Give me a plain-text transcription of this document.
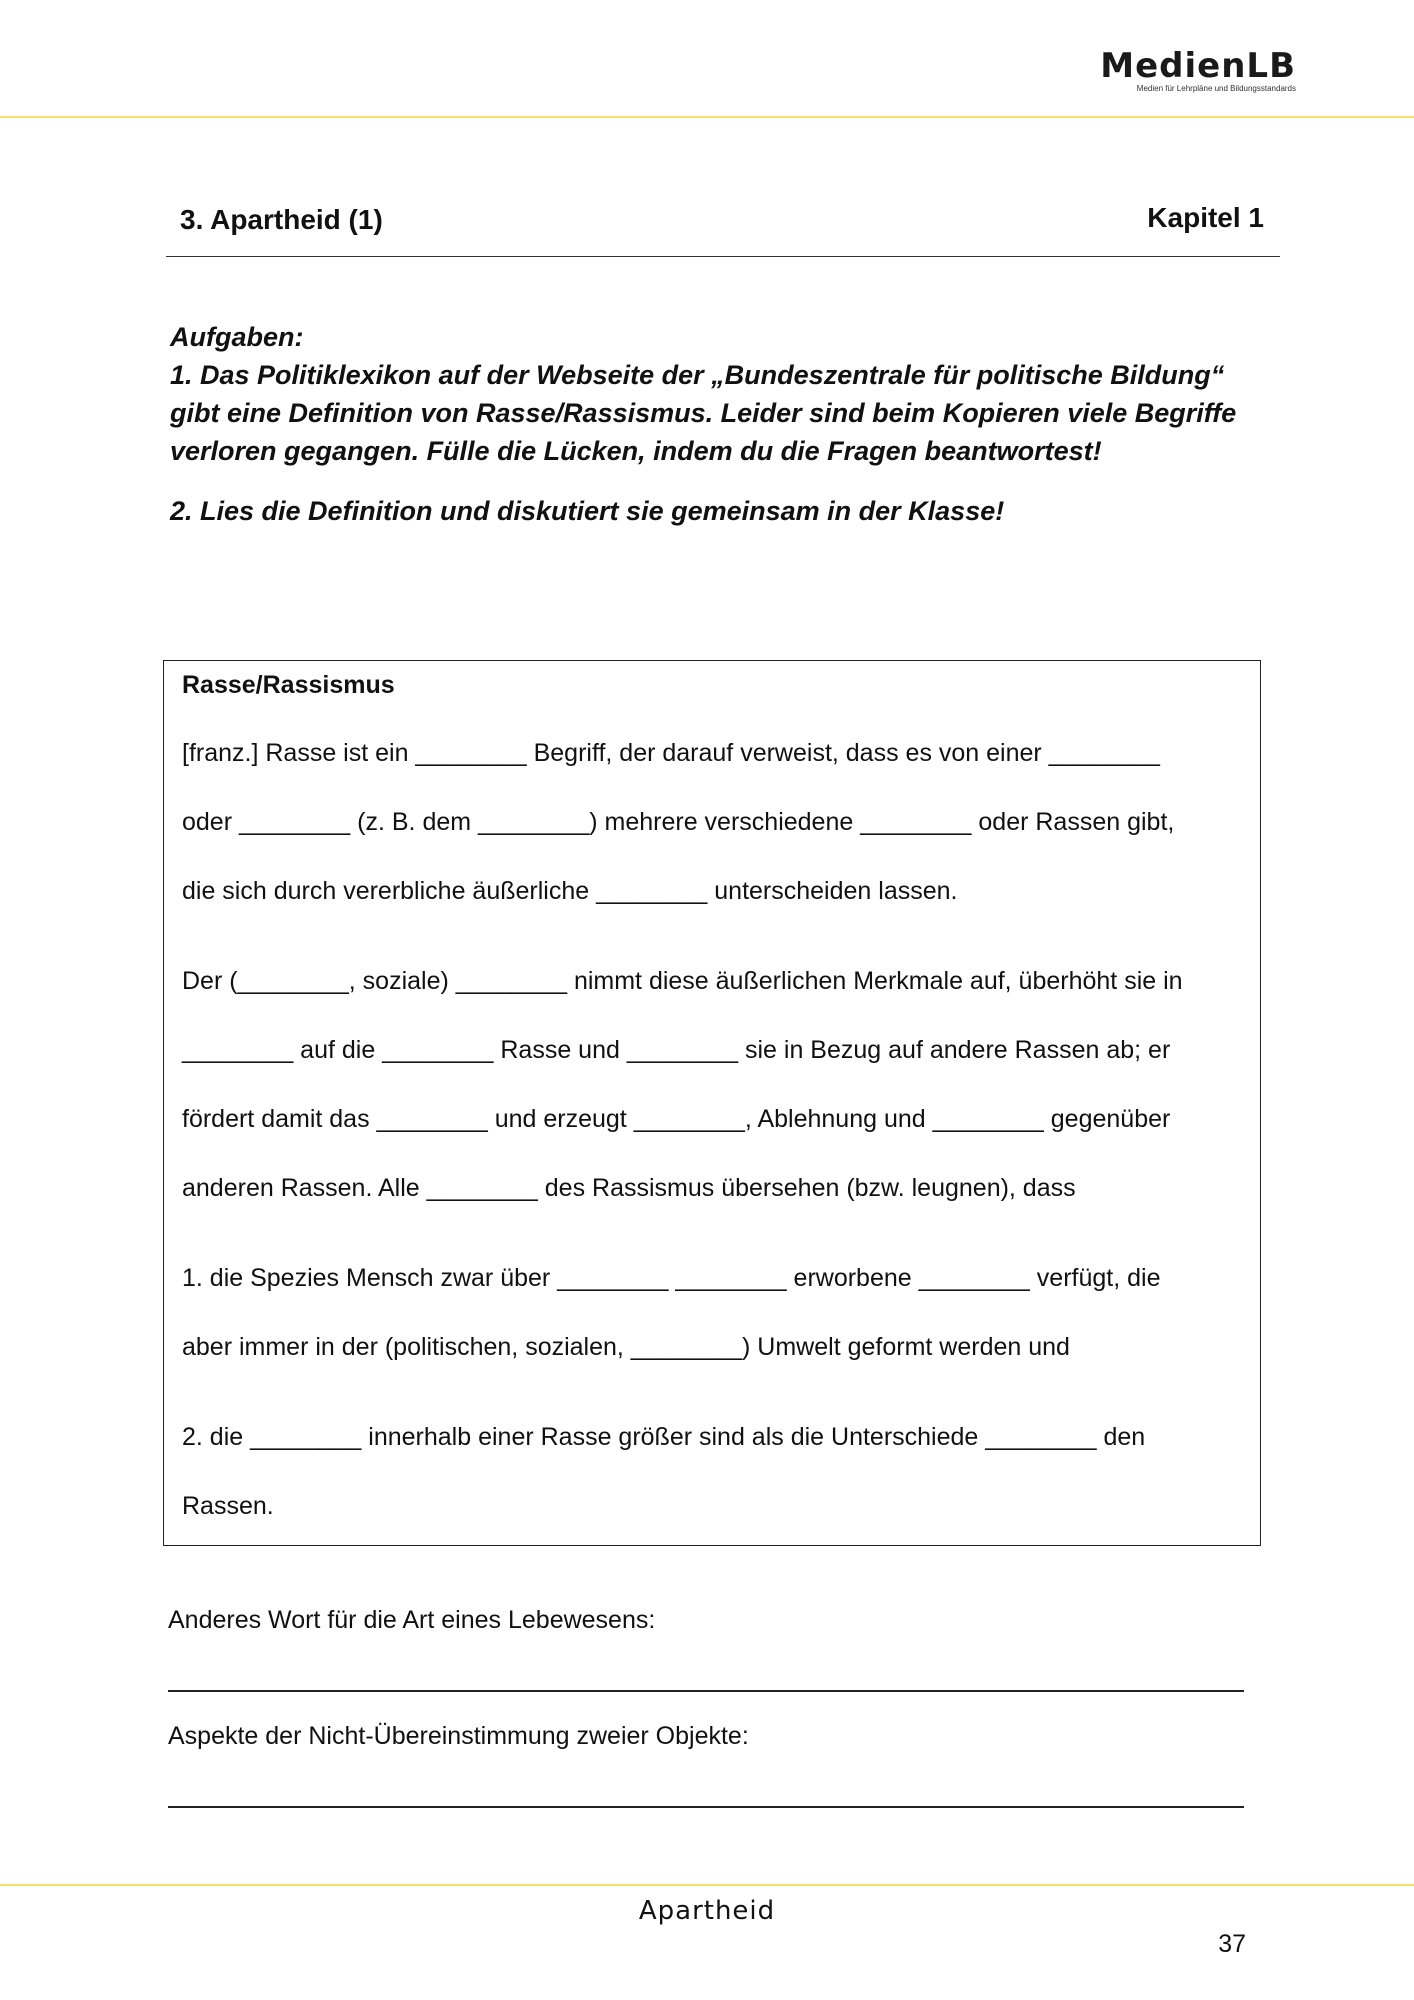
MedienLB
Medien für Lehrpläne und Bildungsstandards
3. Apartheid (1)	Kapitel 1

Aufgaben:

1. Das Politiklexikon auf der Webseite der „Bundeszentrale für politische Bildung“ gibt eine Definition von Rasse/Rassismus. Leider sind beim Kopieren viele Begriffe verloren gegangen. Fülle die Lücken, indem du die Fragen beantwortest!

2. Lies die Definition und diskutiert sie gemeinsam in der Klasse!

Rasse/Rassismus
[franz.] Rasse ist ein ________ Begriff, der darauf verweist, dass es von einer ________
oder ________ (z. B. dem ________) mehrere verschiedene ________ oder Rassen gibt,
die sich durch vererbliche äußerliche ________ unterscheiden lassen.
Der (________, soziale) ________ nimmt diese äußerlichen Merkmale auf, überhöht sie in
________ auf die ________ Rasse und ________ sie in Bezug auf andere Rassen ab; er
fördert damit das ________ und erzeugt ________, Ablehnung und ________ gegenüber
anderen Rassen. Alle ________ des Rassismus übersehen (bzw. leugnen), dass
1. die Spezies Mensch zwar über ________ ________ erworbene ________ verfügt, die
aber immer in der (politischen, sozialen, ________) Umwelt geformt werden und
2. die ________ innerhalb einer Rasse größer sind als die Unterschiede ________ den
Rassen.
Anderes Wort für die Art eines Lebewesens:
Aspekte der Nicht-Übereinstimmung zweier Objekte:
Apartheid
37
